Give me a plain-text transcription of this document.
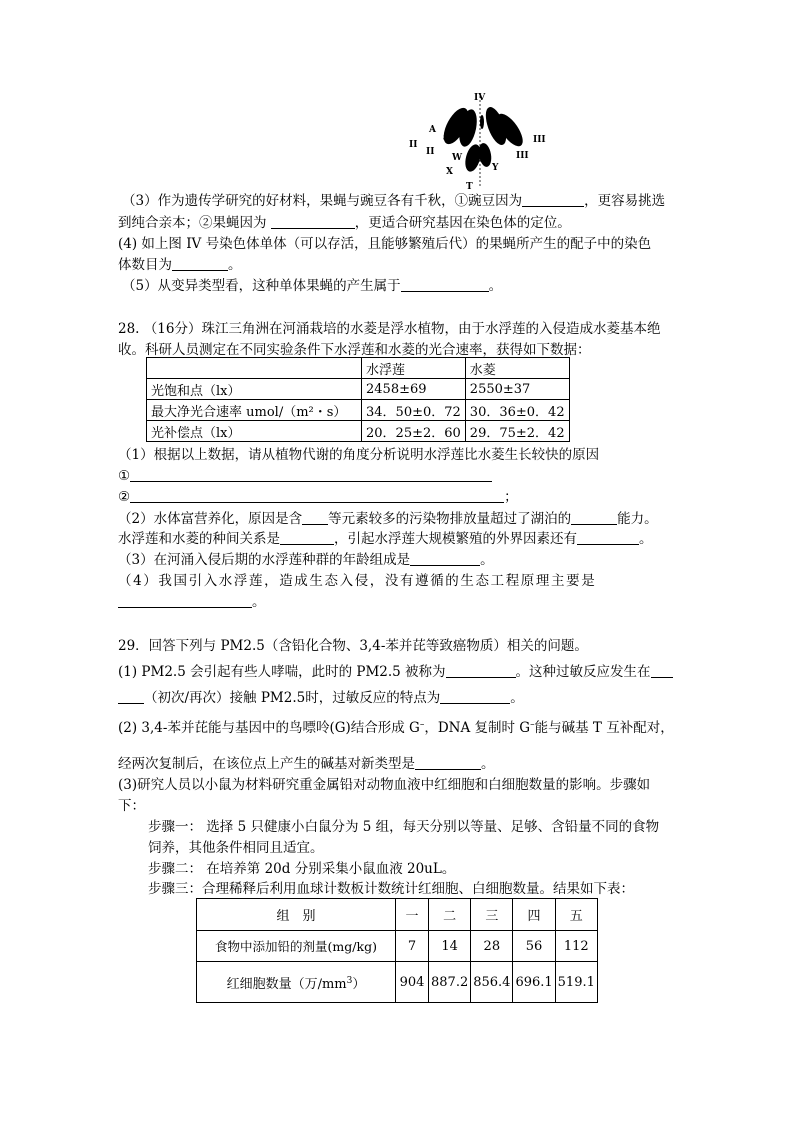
IV
A
a
II
II
III
III
W
X	Y
T
（3）作为遗传学研究的好材料，果蝇与豌豆各有千秋，①豌豆因为	，更容易挑选
到纯合亲本；②果蝇因为	，更适合研究基因在染色体的定位。
(4) 如上图 IV 号染色体单体（可以存活，且能够繁殖后代）的果蝇所产生的配子中的染色
体数目为	。
（5）从变异类型看，这种单体果蝇的产生属于	。
28. （16分）珠江三角洲在河涌栽培的水菱是浮水植物，由于水浮莲的入侵造成水菱基本绝
收。科研人员测定在不同实验条件下水浮莲和水菱的光合速率，获得如下数据：
	水浮莲	水菱
光饱和点（lx）	2458±69	2550±37
最大净光合速率 umol/（m²・s）	34．50±0．72	30．36±0．42
光补偿点（lx）	20．25±2．60	29．75±2．42
（1）根据以上数据，请从植物代谢的角度分析说明水浮莲比水菱生长较快的原因
①
②	；
（2）水体富营养化，原因是含 等元素较多的污染物排放量超过了湖泊的	能力。
水浮莲和水菱的种间关系是	，引起水浮莲大规模繁殖的外界因素还有	。
（3）在河涌入侵后期的水浮莲种群的年龄组成是	。
（4）我国引入水浮莲，造成生态入侵，没有遵循的生态工程原理主要是
。
29．回答下列与 PM2.5（含铅化合物、3,4-苯并芘等致癌物质）相关的问题。
(1) PM2.5 会引起有些人哮喘，此时的 PM2.5 被称为	。这种过敏反应发生在
（初次/再次）接触 PM2.5时，过敏反应的特点为	。
(2) 3,4-苯并芘能与基因中的鸟嘌呤(G)结合形成 G–，DNA 复制时 G–能与碱基 T 互补配对，
经两次复制后，在该位点上产生的碱基对新类型是	。
(3)研究人员以小鼠为材料研究重金属铅对动物血液中红细胞和白细胞数量的影响。步骤如
下：
步骤一： 选择 5 只健康小白鼠分为 5 组，每天分别以等量、足够、含铅量不同的食物
饲养，其他条件相同且适宜。
步骤二： 在培养第 20d 分别采集小鼠血液 20uL。
步骤三：合理稀释后利用血球计数板计数统计红细胞、白细胞数量。结果如下表：
组　别	一	二	三	四	五
食物中添加铅的剂量(mg/kg)	7	14	28	56	112
红细胞数量（万$/mm^3$）	904	887.2	856.4	696.1	519.1
